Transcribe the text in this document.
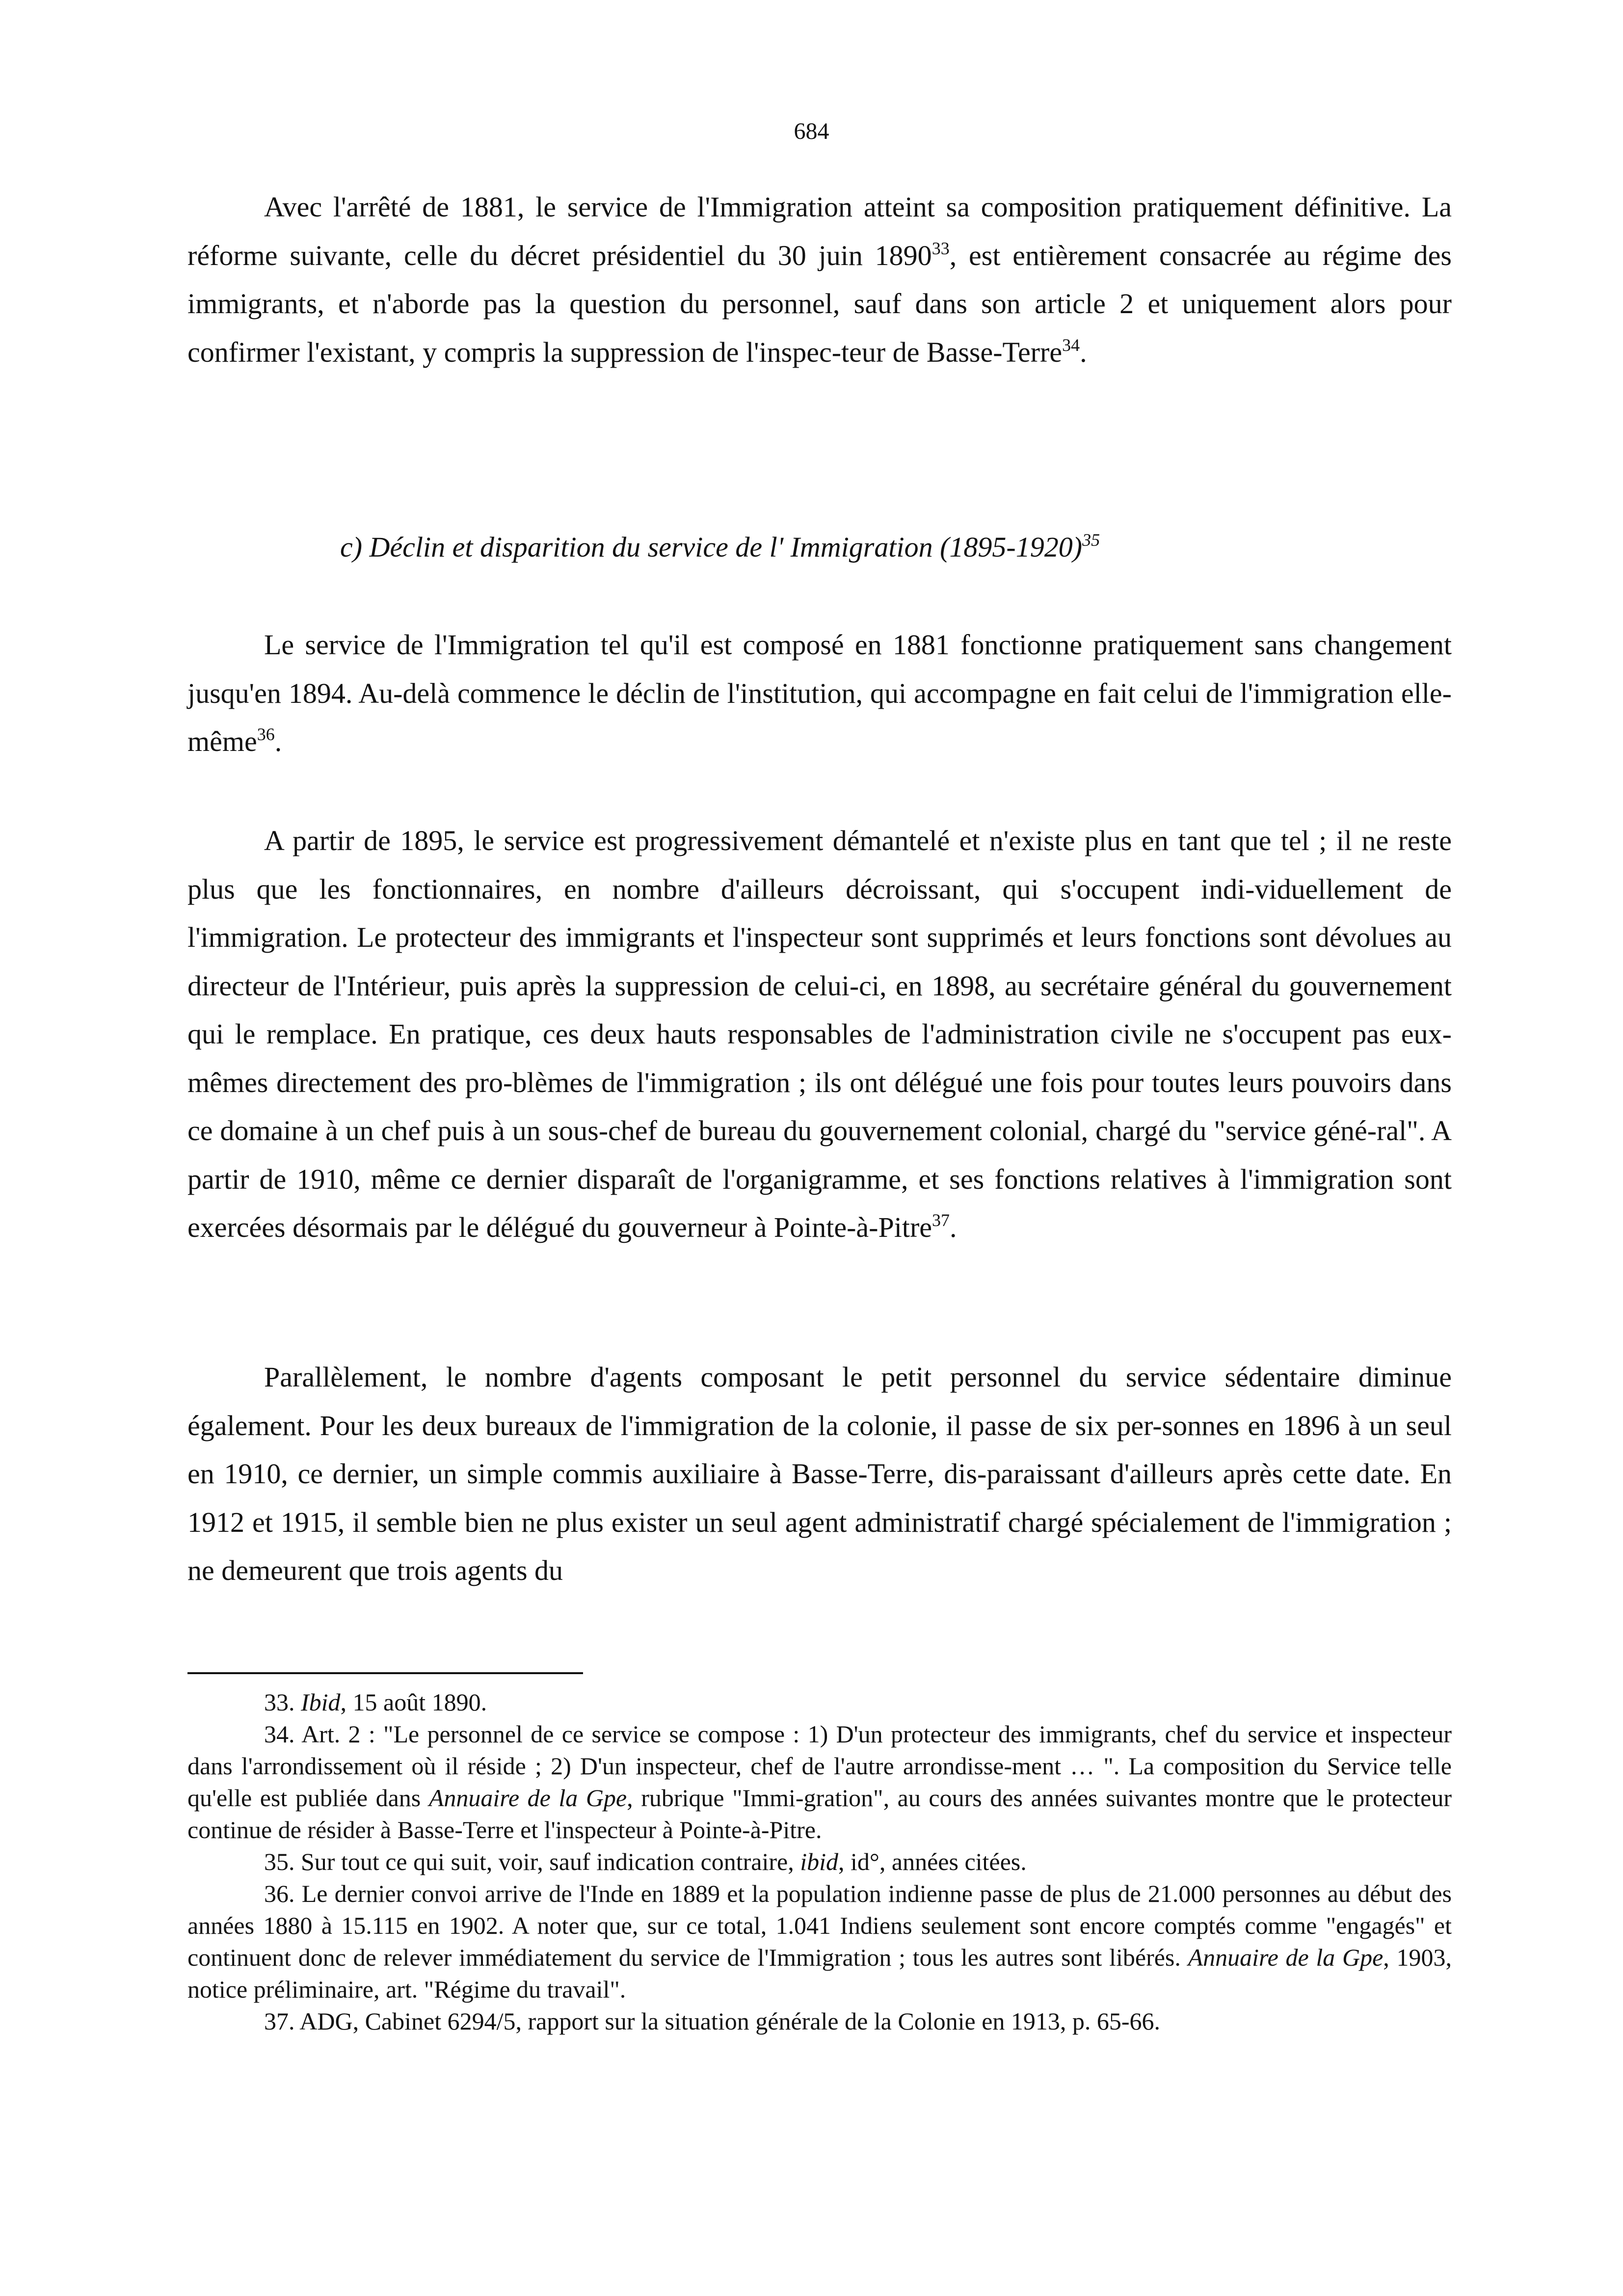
684

Avec l'arrêté de 1881, le service de l'Immigration atteint sa composition pratiquement définitive. La réforme suivante, celle du décret présidentiel du 30 juin 1890$^{33}$, est entièrement consacrée au régime des immigrants, et n'aborde pas la question du personnel, sauf dans son article 2 et uniquement alors pour confirmer l'existant, y compris la suppression de l'inspec-teur de Basse-Terre$^{34}$.

c) Déclin et disparition du service de l' Immigration (1895-1920)$^{35}$

Le service de l'Immigration tel qu'il est composé en 1881 fonctionne pratiquement sans changement jusqu'en 1894. Au-delà commence le déclin de l'institution, qui accompagne en fait celui de l'immigration elle-même$^{36}$.

A partir de 1895, le service est progressivement démantelé et n'existe plus en tant que tel ; il ne reste plus que les fonctionnaires, en nombre d'ailleurs décroissant, qui s'occupent indi-viduellement de l'immigration. Le protecteur des immigrants et l'inspecteur sont supprimés et leurs fonctions sont dévolues au directeur de l'Intérieur, puis après la suppression de celui-ci, en 1898, au secrétaire général du gouvernement qui le remplace. En pratique, ces deux hauts responsables de l'administration civile ne s'occupent pas eux-mêmes directement des pro-blèmes de l'immigration ; ils ont délégué une fois pour toutes leurs pouvoirs dans ce domaine à un chef puis à un sous-chef de bureau du gouvernement colonial, chargé du "service géné-ral". A partir de 1910, même ce dernier disparaît de l'organigramme, et ses fonctions relatives à l'immigration sont exercées désormais par le délégué du gouverneur à Pointe-à-Pitre$^{37}$.

Parallèlement, le nombre d'agents composant le petit personnel du service sédentaire diminue également. Pour les deux bureaux de l'immigration de la colonie, il passe de six per-sonnes en 1896 à un seul en 1910, ce dernier, un simple commis auxiliaire à Basse-Terre, dis-paraissant d'ailleurs après cette date. En 1912 et 1915, il semble bien ne plus exister un seul agent administratif chargé spécialement de l'immigration ; ne demeurent que trois agents du

33. Ibid, 15 août 1890.

34. Art. 2 : "Le personnel de ce service se compose : 1) D'un protecteur des immigrants, chef du service et inspecteur dans l'arrondissement où il réside ; 2) D'un inspecteur, chef de l'autre arrondisse-ment … ". La composition du Service telle qu'elle est publiée dans Annuaire de la Gpe, rubrique "Immi-gration", au cours des années suivantes montre que le protecteur continue de résider à Basse-Terre et l'inspecteur à Pointe-à-Pitre.

35. Sur tout ce qui suit, voir, sauf indication contraire, ibid, id°, années citées.

36. Le dernier convoi arrive de l'Inde en 1889 et la population indienne passe de plus de 21.000 personnes au début des années 1880 à 15.115 en 1902. A noter que, sur ce total, 1.041 Indiens seulement sont encore comptés comme "engagés" et continuent donc de relever immédiatement du service de l'Immigration ; tous les autres sont libérés. Annuaire de la Gpe, 1903, notice préliminaire, art. "Régime du travail".

37. ADG, Cabinet 6294/5, rapport sur la situation générale de la Colonie en 1913, p. 65-66.
